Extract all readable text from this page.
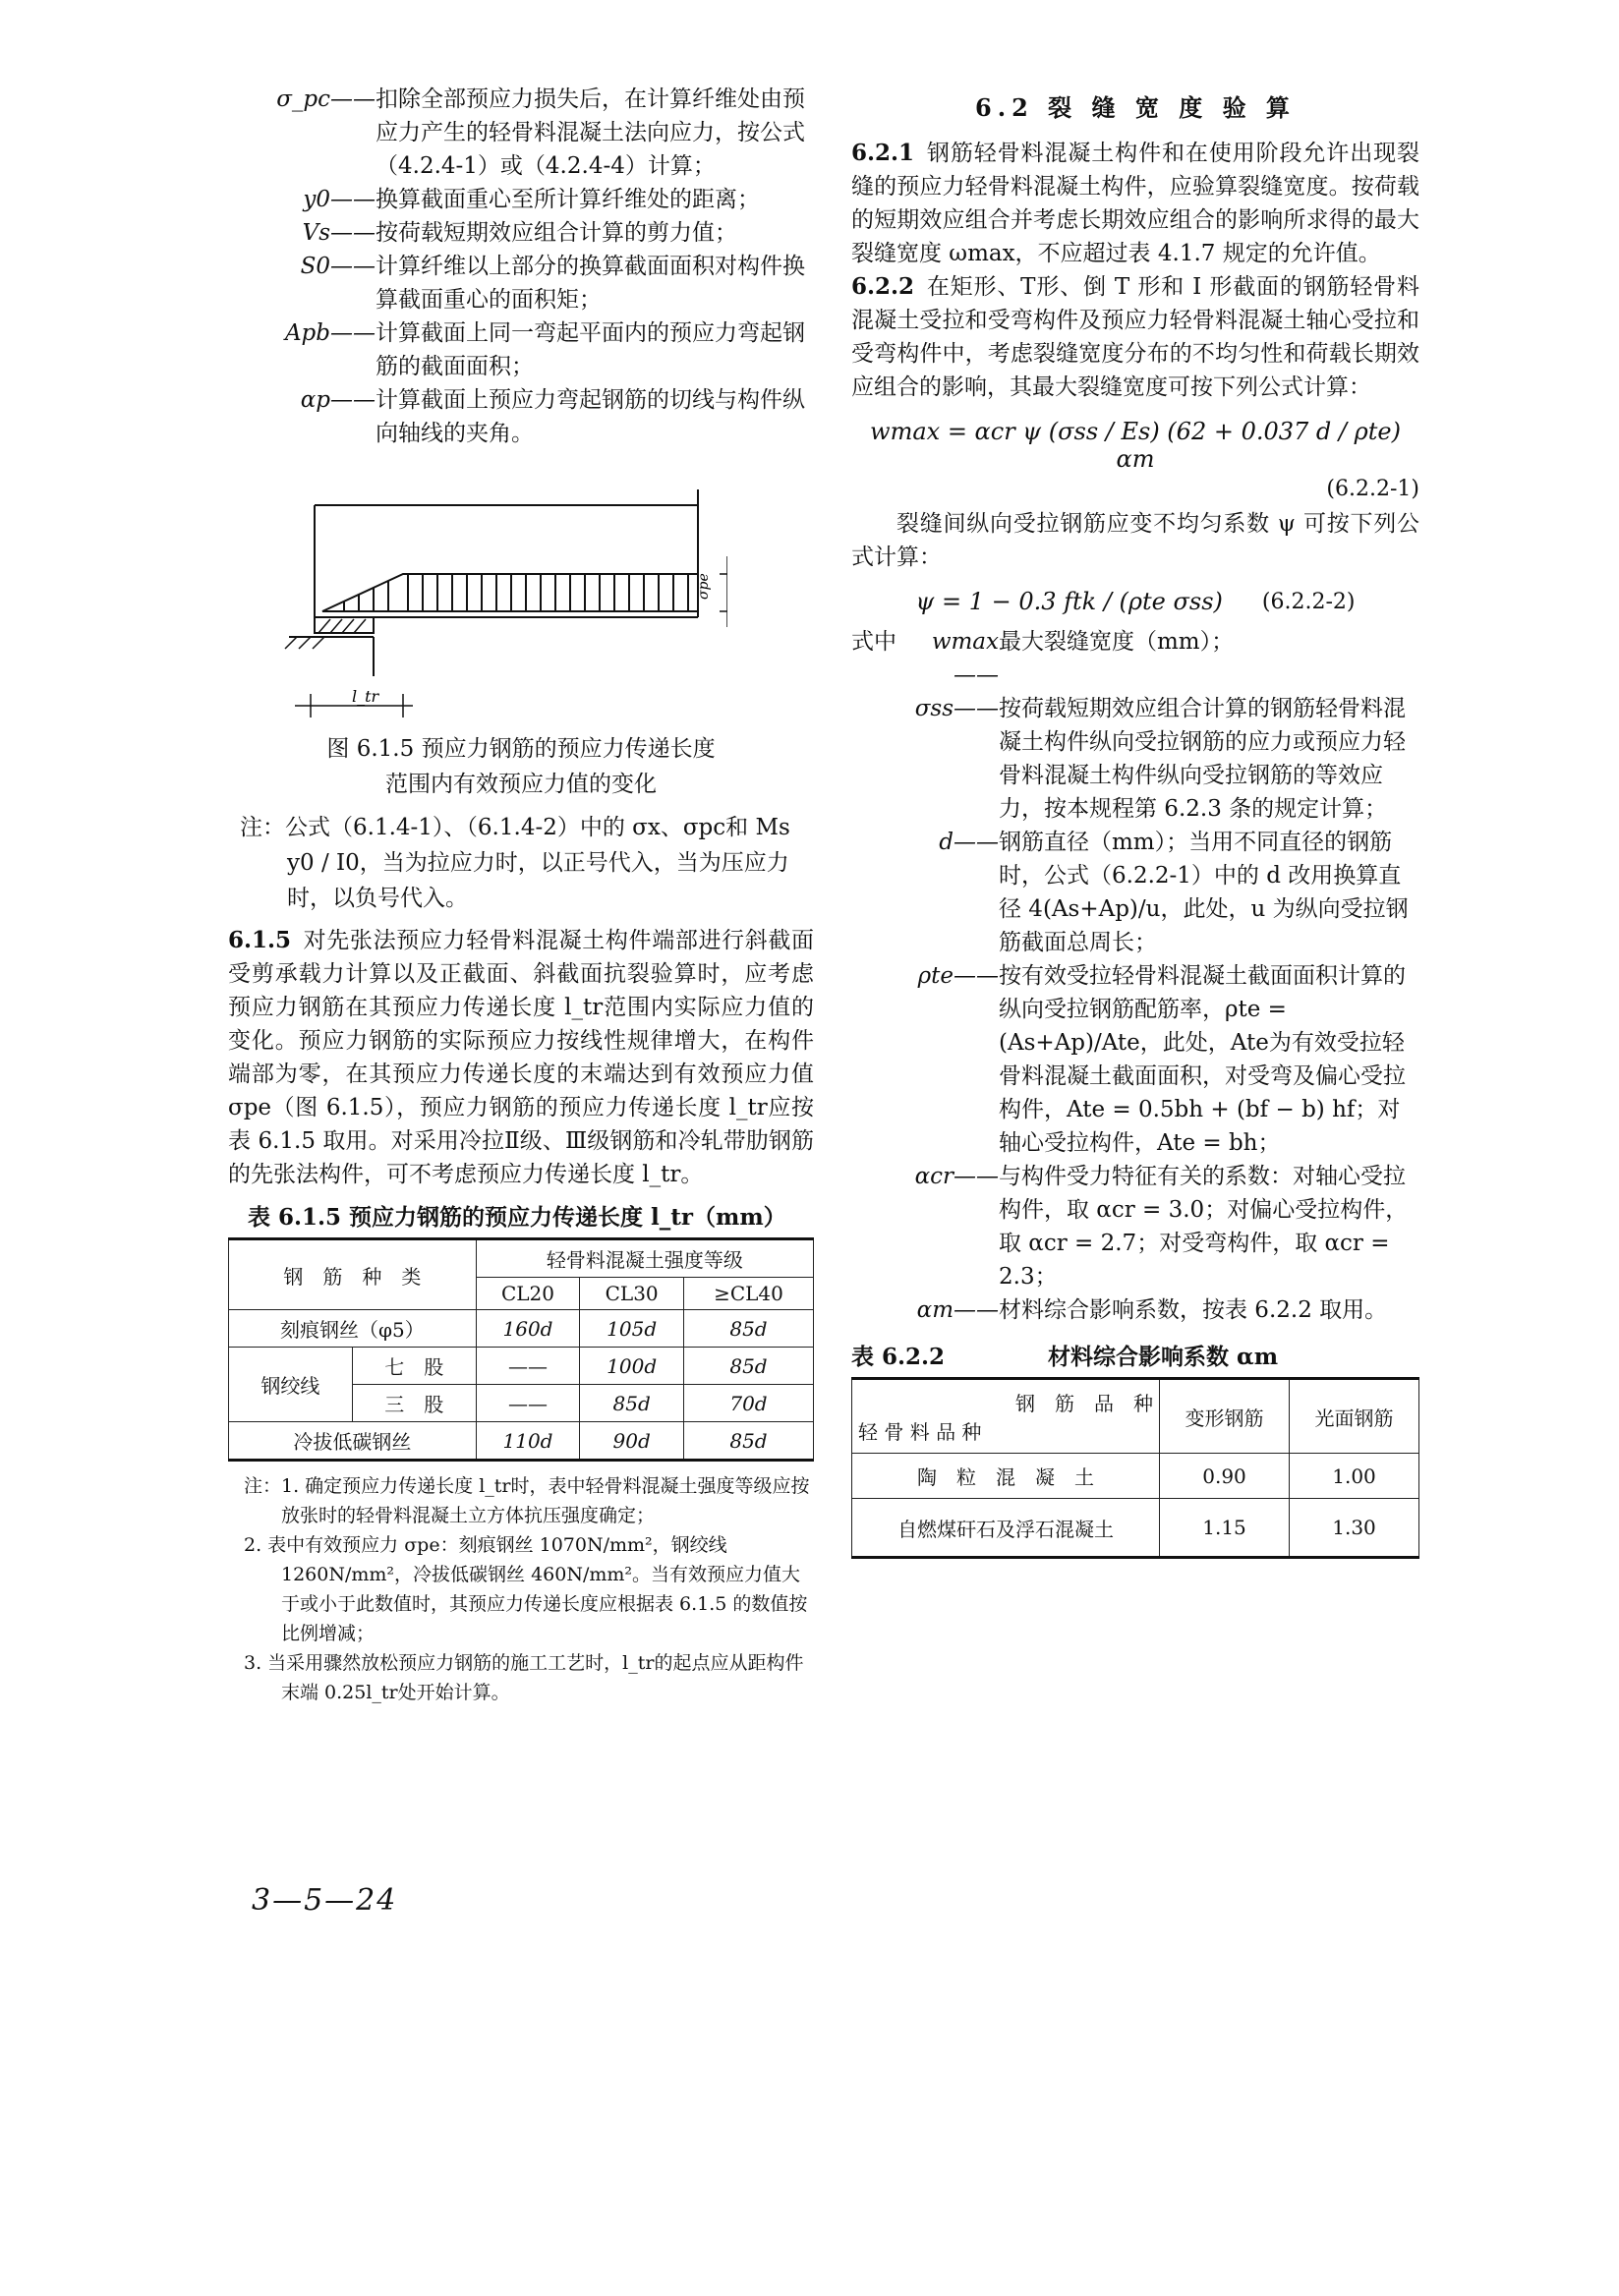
σ_pc—— 扣除全部预应力损失后，在计算纤维处由预应力产生的轻骨料混凝土法向应力，按公式（4.2.4-1）或（4.2.4-4）计算；
y0—— 换算截面重心至所计算纤维处的距离；
Vs—— 按荷载短期效应组合计算的剪力值；
S0—— 计算纤维以上部分的换算截面面积对构件换算截面重心的面积矩；
Apb—— 计算截面上同一弯起平面内的预应力弯起钢筋的截面面积；
αp—— 计算截面上预应力弯起钢筋的切线与构件纵向轴线的夹角。
l_tr
σpe
图 6.1.5 预应力钢筋的预应力传递长度
范围内有效预应力值的变化
注：公式（6.1.4-1）、（6.1.4-2）中的 σx、σpc和 Ms y0 / I0，当为拉应力时，以正号代入，当为压应力时，以负号代入。

6.1.5 对先张法预应力轻骨料混凝土构件端部进行斜截面受剪承载力计算以及正截面、斜截面抗裂验算时，应考虑预应力钢筋在其预应力传递长度 l_tr范围内实际应力值的变化。预应力钢筋的实际预应力按线性规律增大，在构件端部为零，在其预应力传递长度的末端达到有效预应力值 σpe（图 6.1.5），预应力钢筋的预应力传递长度 l_tr应按表 6.1.5 取用。对采用冷拉Ⅱ级、Ⅲ级钢筋和冷轧带肋钢筋的先张法构件，可不考虑预应力传递长度 l_tr。

表 6.1.5 预应力钢筋的预应力传递长度 l_tr（mm）
钢　筋　种　类		轻骨料混凝土强度等级		
		CL20	CL30	≥CL40
刻痕钢丝（φ5）		160d	105d	85d
钢绞线	七　股	——	100d	85d
	三　股	——	85d	70d
冷拔低碳钢丝		110d	90d	85d
注：1. 确定预应力传递长度 l_tr时，表中轻骨料混凝土强度等级应按放张时的轻骨料混凝土立方体抗压强度确定；
2. 表中有效预应力 σpe：刻痕钢丝 1070N/mm²，钢绞线 1260N/mm²，冷拔低碳钢丝 460N/mm²。当有效预应力值大于或小于此数值时，其预应力传递长度应根据表 6.1.5 的数值按比例增减；
3. 当采用骤然放松预应力钢筋的施工工艺时，l_tr的起点应从距构件末端 0.25l_tr处开始计算。
3—5—24
6.2 裂 缝 宽 度 验 算

6.2.1 钢筋轻骨料混凝土构件和在使用阶段允许出现裂缝的预应力轻骨料混凝土构件，应验算裂缝宽度。按荷载的短期效应组合并考虑长期效应组合的影响所求得的最大裂缝宽度 ωmax，不应超过表 4.1.7 规定的允许值。

6.2.2 在矩形、T形、倒 T 形和 I 形截面的钢筋轻骨料混凝土受拉和受弯构件及预应力轻骨料混凝土轴心受拉和受弯构件中，考虑裂缝宽度分布的不均匀性和荷载长期效应组合的影响，其最大裂缝宽度可按下列公式计算：

wmax = αcr ψ (σss / Es) (62 + 0.037 d / ρte) αm
(6.2.2-1)

裂缝间纵向受拉钢筋应变不均匀系数 ψ 可按下列公式计算：

ψ = 1 − 0.3 ftk / (ρte σss) (6.2.2-2)
式中	wmax——
最大裂缝宽度（mm）；
σss—— 按荷载短期效应组合计算的钢筋轻骨料混凝土构件纵向受拉钢筋的应力或预应力轻骨料混凝土构件纵向受拉钢筋的等效应力，按本规程第 6.2.3 条的规定计算；
d—— 钢筋直径（mm）；当用不同直径的钢筋时，公式（6.2.2-1）中的 d 改用换算直径 4(As+Ap)/u，此处，u 为纵向受拉钢筋截面总周长；
ρte—— 按有效受拉轻骨料混凝土截面面积计算的纵向受拉钢筋配筋率，ρte = (As+Ap)/Ate，此处，Ate为有效受拉轻骨料混凝土截面面积，对受弯及偏心受拉构件，Ate = 0.5bh + (bf − b) hf；对轴心受拉构件，Ate = bh；
αcr—— 与构件受力特征有关的系数：对轴心受拉构件，取 αcr = 3.0；对偏心受拉构件，取 αcr = 2.7；对受弯构件，取 αcr = 2.3；
αm—— 材料综合影响系数，按表 6.2.2 取用。
表 6.2.2	材料综合影响系数 αm
钢　筋　品　种
轻 骨 料 品 种	变形钢筋	光面钢筋
陶　粒　混　凝　土	0.90	1.00
自燃煤矸石及浮石混凝土	1.15	1.30
